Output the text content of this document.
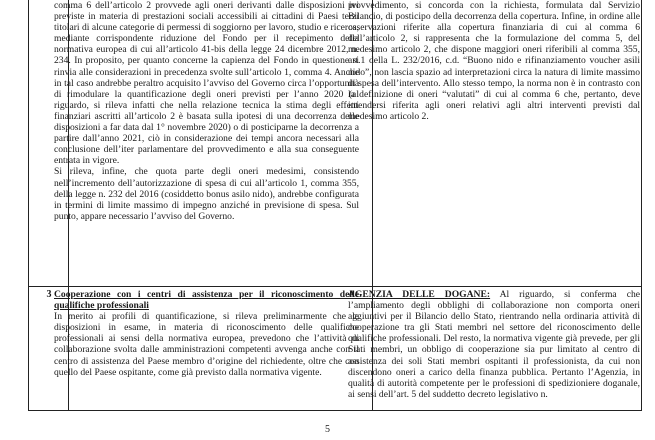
comma 6 dell’articolo 2 provvede agli oneri derivanti dalle disposizioni ivi previste in materia di prestazioni sociali accessibili ai cittadini di Paesi terzi titolari di alcune categorie di permessi di soggiorno per lavoro, studio e ricerca, mediante corrispondente riduzione del Fondo per il recepimento della normativa europea di cui all’articolo 41-bis della legge 24 dicembre 2012, n. 234. In proposito, per quanto concerne la capienza del Fondo in questione si rinvia alle considerazioni in precedenza svolte sull’articolo 1, comma 4. Anche in tal caso andrebbe peraltro acquisito l’avviso del Governo circa l’opportunità di rimodulare la quantificazione degli oneri previsti per l’anno 2020 (al riguardo, si rileva infatti che nella relazione tecnica la stima degli effetti finanziari ascritti all’articolo 2 è basata sulla ipotesi di una decorrenza delle disposizioni a far data dal 1° novembre 2020) o di posticiparne la decorrenza a partire dall’anno 2021, ciò in considerazione dei tempi ancora necessari alla conclusione dell’iter parlamentare del provvedimento e alla sua conseguente entrata in vigore.

Si rileva, infine, che quota parte degli oneri medesimi, consistendo nell’incremento dell’autorizzazione di spesa di cui all’articolo 1, comma 355, della legge n. 232 del 2016 (cosiddetto bonus asilo nido), andrebbe configurata in termini di limite massimo di impegno anziché in previsione di spesa. Sul punto, appare necessario l’avviso del Governo.

provvedimento, si concorda con la richiesta, formulata dal Servizio Bilancio, di posticipo della decorrenza della copertura. Infine, in ordine alle osservazioni riferite alla copertura finanziaria di cui al comma 6 dell’articolo 2, si rappresenta che la formulazione del comma 5, del medesimo articolo 2, che dispone maggiori oneri riferibili al comma 355, art.1 della L. 232/2016, c.d. “Buono nido e rifinanziamento voucher asili nido”, non lascia spazio ad interpretazioni circa la natura di limite massimo di spesa dell’intervento. Allo stesso tempo, la norma non è in contrasto con la definizione di oneri “valutati” di cui al comma 6 che, pertanto, deve intendersi riferita agli oneri relativi agli altri interventi previsti dal medesimo articolo 2.

3 Cooperazione con i centri di assistenza per il riconoscimento delle qualifiche professionali

In merito ai profili di quantificazione, si rileva preliminarmente che le disposizioni in esame, in materia di riconoscimento delle qualifiche professionali ai sensi della normativa europea, prevedono che l’attività di collaborazione svolta dalle amministrazioni competenti avvenga anche con il centro di assistenza del Paese membro d’origine del richiedente, oltre che con quello del Paese ospitante, come già previsto dalla normativa vigente.

AGENZIA DELLE DOGANE: Al riguardo, si conferma che l’ampliamento degli obblighi di collaborazione non comporta oneri aggiuntivi per il Bilancio dello Stato, rientrando nella ordinaria attività di cooperazione tra gli Stati membri nel settore del riconoscimento delle qualifiche professionali. Del resto, la normativa vigente già prevede, per gli Stati membri, un obbligo di cooperazione sia pur limitato al centro di assistenza dei soli Stati membri ospitanti il professionista, da cui non discendono oneri a carico della finanza pubblica. Pertanto l’Agenzia, in qualità di autorità competente per le professioni di spedizioniere doganale, ai sensi dell’art. 5 del suddetto decreto legislativo n.

5
